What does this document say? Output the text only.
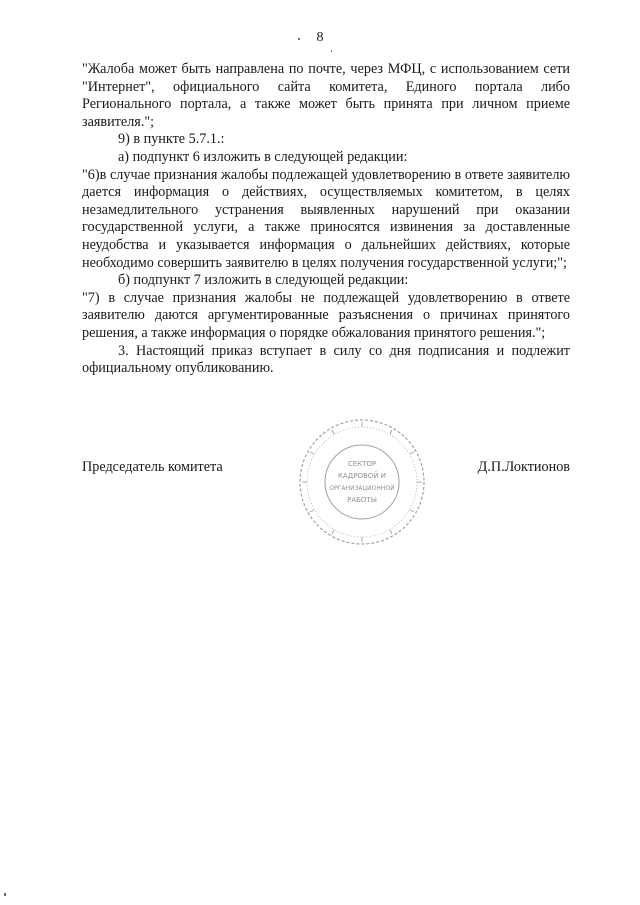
8

"Жалоба может быть направлена по почте, через МФЦ, с использованием сети "Интернет", официального сайта комитета, Единого портала либо Регионального портала, а также может быть принята при личном приеме заявителя.";

9) в пункте 5.7.1.:

а) подпункт 6 изложить в следующей редакции:

"6)в случае признания жалобы подлежащей удовлетворению в ответе заявителю дается информация о действиях, осуществляемых комитетом, в целях незамедлительного устранения выявленных нарушений при оказании государственной услуги, а также приносятся извинения за доставленные неудобства и указывается информация о дальнейших действиях, которые необходимо совершить заявителю в целях получения государственной услуги;";

б) подпункт 7 изложить в следующей редакции:

"7) в случае признания жалобы не подлежащей удовлетворению в ответе заявителю даются аргументированные разъяснения о причинах принятого решения, а также информация о порядке обжалования принятого решения.";

3. Настоящий приказ вступает в силу со дня подписания и подлежит официальному опубликованию.

Председатель комитета	Д.П.Локтионов
СЕКТОР
КАДРОВОЙ И
ОРГАНИЗАЦИОННОЙ
РАБОТЫ
